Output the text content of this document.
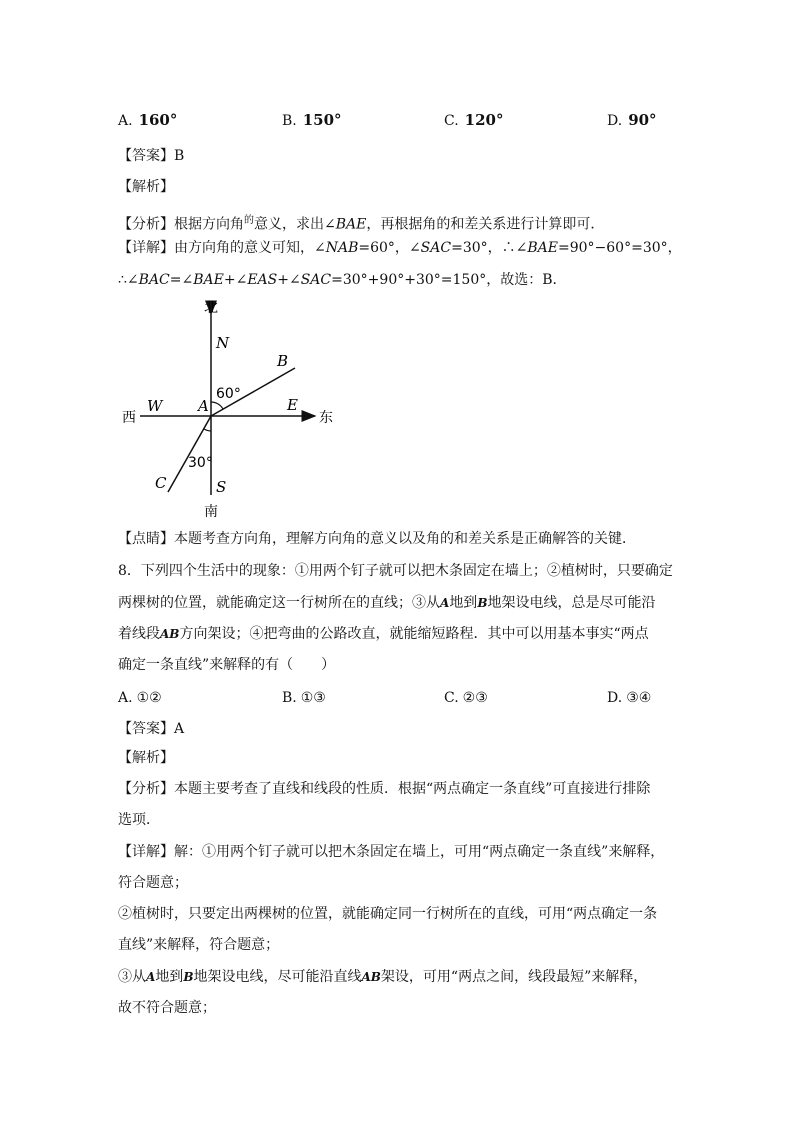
A. 160°	B. 150°	C. 120°	D. 90°
【答案】B
【解析】
【分析】根据方向角$^的$意义，求出∠BAE，再根据角的和差关系进行计算即可．
【详解】由方向角的意义可知，∠NAB=60°，∠SAC=30°，∴∠BAE=90°−60°=30°，
∴∠BAC=∠BAE+∠EAS+∠SAC=30°+90°+30°=150°，故选：B．
北
南
西	东
N
S
W	E
A
B
C
60°
30°
【点睛】本题考查方向角，理解方向角的意义以及角的和差关系是正确解答的关键．
8．下列四个生活中的现象：①用两个钉子就可以把木条固定在墙上；②植树时，只要确定
两棵树的位置，就能确定这一行树所在的直线；③从A地到B地架设电线，总是尽可能沿
着线段AB方向架设；④把弯曲的公路改直，就能缩短路程．其中可以用基本事实“两点
确定一条直线”来解释的有（　　）
A. ①②	B. ①③	C. ②③	D. ③④
【答案】A
【解析】
【分析】本题主要考查了直线和线段的性质．根据“两点确定一条直线”可直接进行排除
选项．
【详解】解：①用两个钉子就可以把木条固定在墙上，可用“两点确定一条直线”来解释，
符合题意；
②植树时，只要定出两棵树的位置，就能确定同一行树所在的直线，可用“两点确定一条
直线”来解释，符合题意；
③从A地到B地架设电线，尽可能沿直线AB架设，可用“两点之间，线段最短”来解释，
故不符合题意；
